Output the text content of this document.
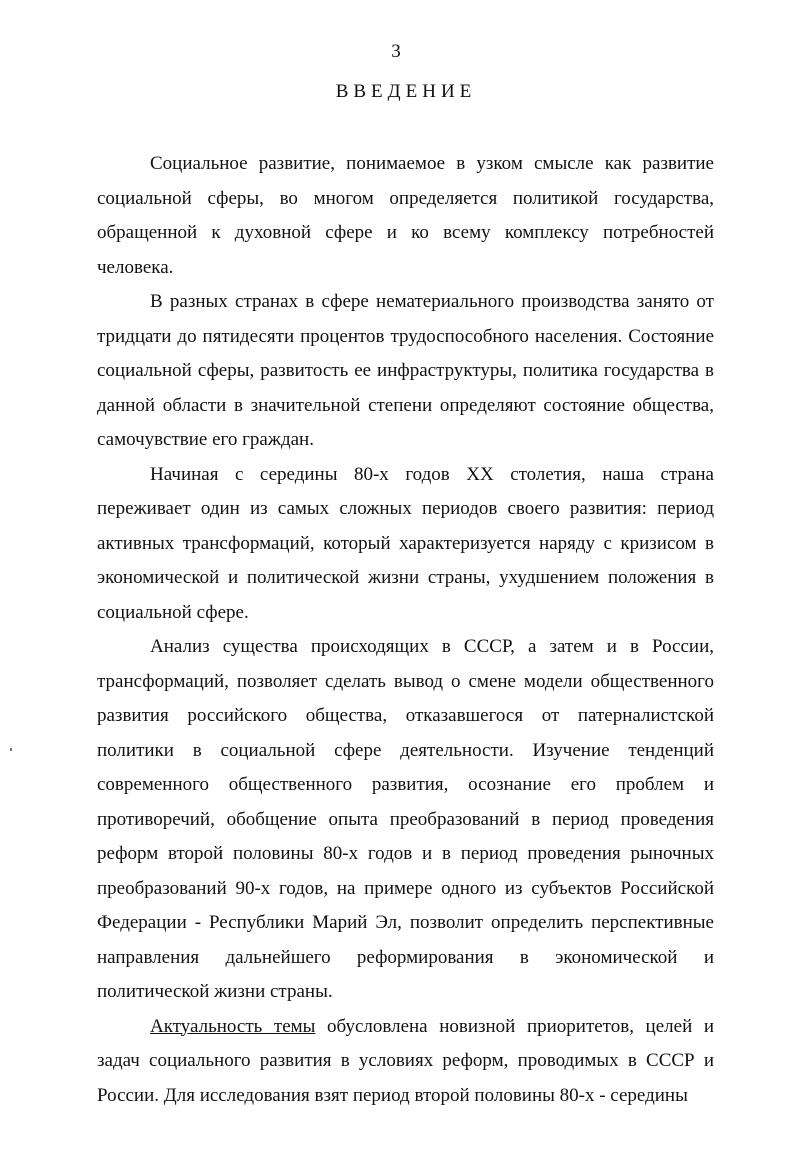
3
ВВЕДЕНИЕ

Социальное развитие, понимаемое в узком смысле как развитие социальной сферы, во многом определяется политикой государства, обращенной к духовной сфере и ко всему комплексу потребностей человека.

В разных странах в сфере нематериального производства занято от тридцати до пятидесяти процентов трудоспособного населения. Состояние социальной сферы, развитость ее инфраструктуры, политика государства в данной области в значительной степени определяют состояние общества, самочувствие его граждан.

Начиная с середины 80-х годов XX столетия, наша страна переживает один из самых сложных периодов своего развития: период активных трансформаций, который характеризуется наряду с кризисом в экономической и политической жизни страны, ухудшением положения в социальной сфере.

Анализ существа происходящих в СССР, а затем и в России, трансформаций, позволяет сделать вывод о смене модели общественного развития российского общества, отказавшегося от патерналистской политики в социальной сфере деятельности. Изучение тенденций современного общественного развития, осознание его проблем и противоречий, обобщение опыта преобразований в период проведения реформ второй половины 80-х годов и в период проведения рыночных преобразований 90-х годов, на примере одного из субъектов Российской Федерации - Республики Марий Эл, позволит определить перспективные направления дальнейшего реформирования в экономической и политической жизни страны.

Актуальность темы обусловлена новизной приоритетов, целей и задач социального развития в условиях реформ, проводимых в СССР и России. Для исследования взят период второй половины 80-х - середины
